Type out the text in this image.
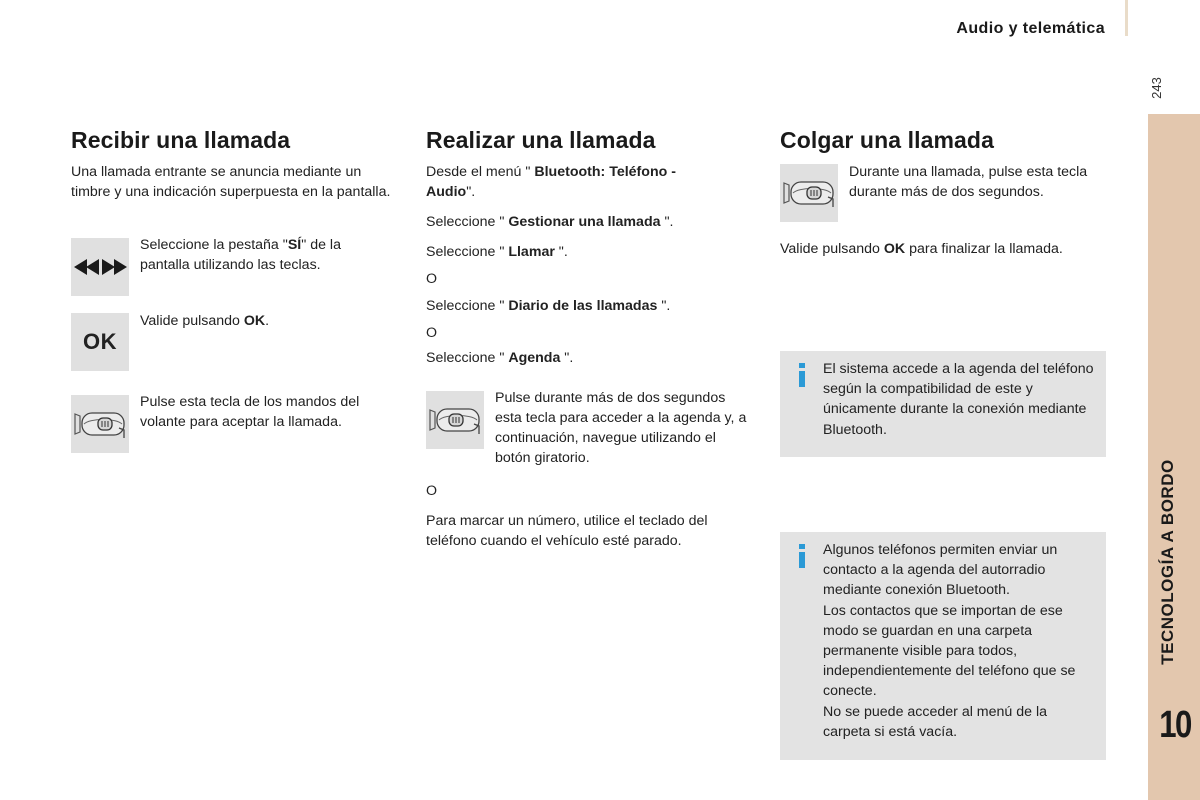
Audio y telemática
243
TECNOLOGÍA A BORDO
10
Recibir una llamada
Una llamada entrante se anuncia mediante un timbre y una indicación superpuesta en la pantalla.
Seleccione la pestaña "SÍ" de la pantalla utilizando las teclas.
OK
Valide pulsando OK.
Pulse esta tecla de los mandos del volante para aceptar la llamada.
Realizar una llamada
Desde el menú " Bluetooth: Teléfono - Audio".
Seleccione " Gestionar una llamada ".
Seleccione " Llamar ".
O
Seleccione " Diario de las llamadas ".
O
Seleccione " Agenda ".
Pulse durante más de dos segundos esta tecla para acceder a la agenda y, a continuación, navegue utilizando el botón giratorio.
O
Para marcar un número, utilice el teclado del teléfono cuando el vehículo esté parado.
Colgar una llamada
Durante una llamada, pulse esta tecla durante más de dos segundos.
Valide pulsando OK para finalizar la llamada.
El sistema accede a la agenda del teléfono según la compatibilidad de este y únicamente durante la conexión mediante Bluetooth.
Algunos teléfonos permiten enviar un contacto a la agenda del autorradio mediante conexión Bluetooth.
Los contactos que se importan de ese modo se guardan en una carpeta permanente visible para todos, independientemente del teléfono que se conecte.
No se puede acceder al menú de la carpeta si está vacía.
